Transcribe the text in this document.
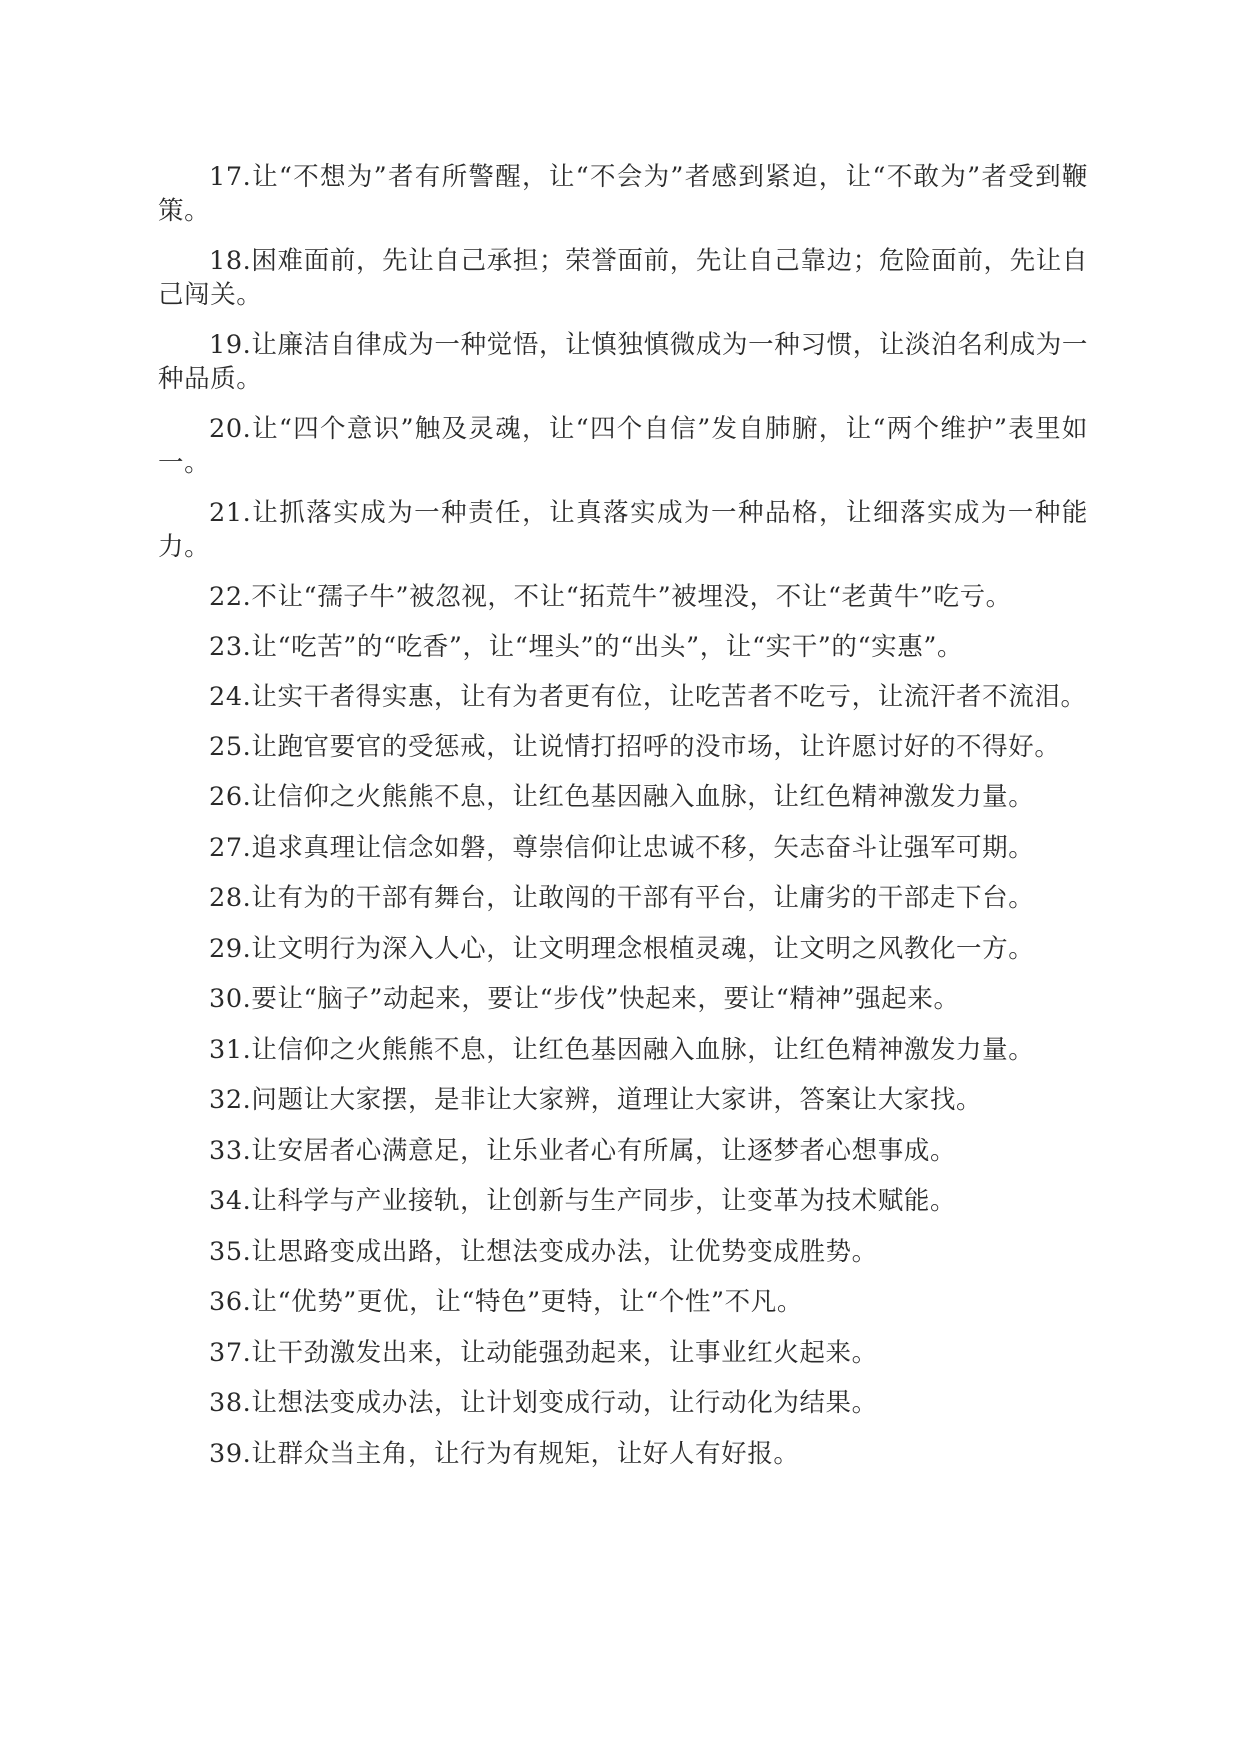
17.让“不想为”者有所警醒，让“不会为”者感到紧迫，让“不敢为”者受到鞭策。

18.困难面前，先让自己承担；荣誉面前，先让自己靠边；危险面前，先让自己闯关。

19.让廉洁自律成为一种觉悟，让慎独慎微成为一种习惯，让淡泊名利成为一种品质。

20.让“四个意识”触及灵魂，让“四个自信”发自肺腑，让“两个维护”表里如一。

21.让抓落实成为一种责任，让真落实成为一种品格，让细落实成为一种能力。

22.不让“孺子牛”被忽视，不让“拓荒牛”被埋没，不让“老黄牛”吃亏。

23.让“吃苦”的“吃香”，让“埋头”的“出头”，让“实干”的“实惠”。

24.让实干者得实惠，让有为者更有位，让吃苦者不吃亏，让流汗者不流泪。

25.让跑官要官的受惩戒，让说情打招呼的没市场，让许愿讨好的不得好。

26.让信仰之火熊熊不息，让红色基因融入血脉，让红色精神激发力量。

27.追求真理让信念如磐，尊崇信仰让忠诚不移，矢志奋斗让强军可期。

28.让有为的干部有舞台，让敢闯的干部有平台，让庸劣的干部走下台。

29.让文明行为深入人心，让文明理念根植灵魂，让文明之风教化一方。

30.要让“脑子”动起来，要让“步伐”快起来，要让“精神”强起来。

31.让信仰之火熊熊不息，让红色基因融入血脉，让红色精神激发力量。

32.问题让大家摆，是非让大家辨，道理让大家讲，答案让大家找。

33.让安居者心满意足，让乐业者心有所属，让逐梦者心想事成。

34.让科学与产业接轨，让创新与生产同步，让变革为技术赋能。

35.让思路变成出路，让想法变成办法，让优势变成胜势。

36.让“优势”更优，让“特色”更特，让“个性”不凡。

37.让干劲激发出来，让动能强劲起来，让事业红火起来。

38.让想法变成办法，让计划变成行动，让行动化为结果。

39.让群众当主角，让行为有规矩，让好人有好报。
